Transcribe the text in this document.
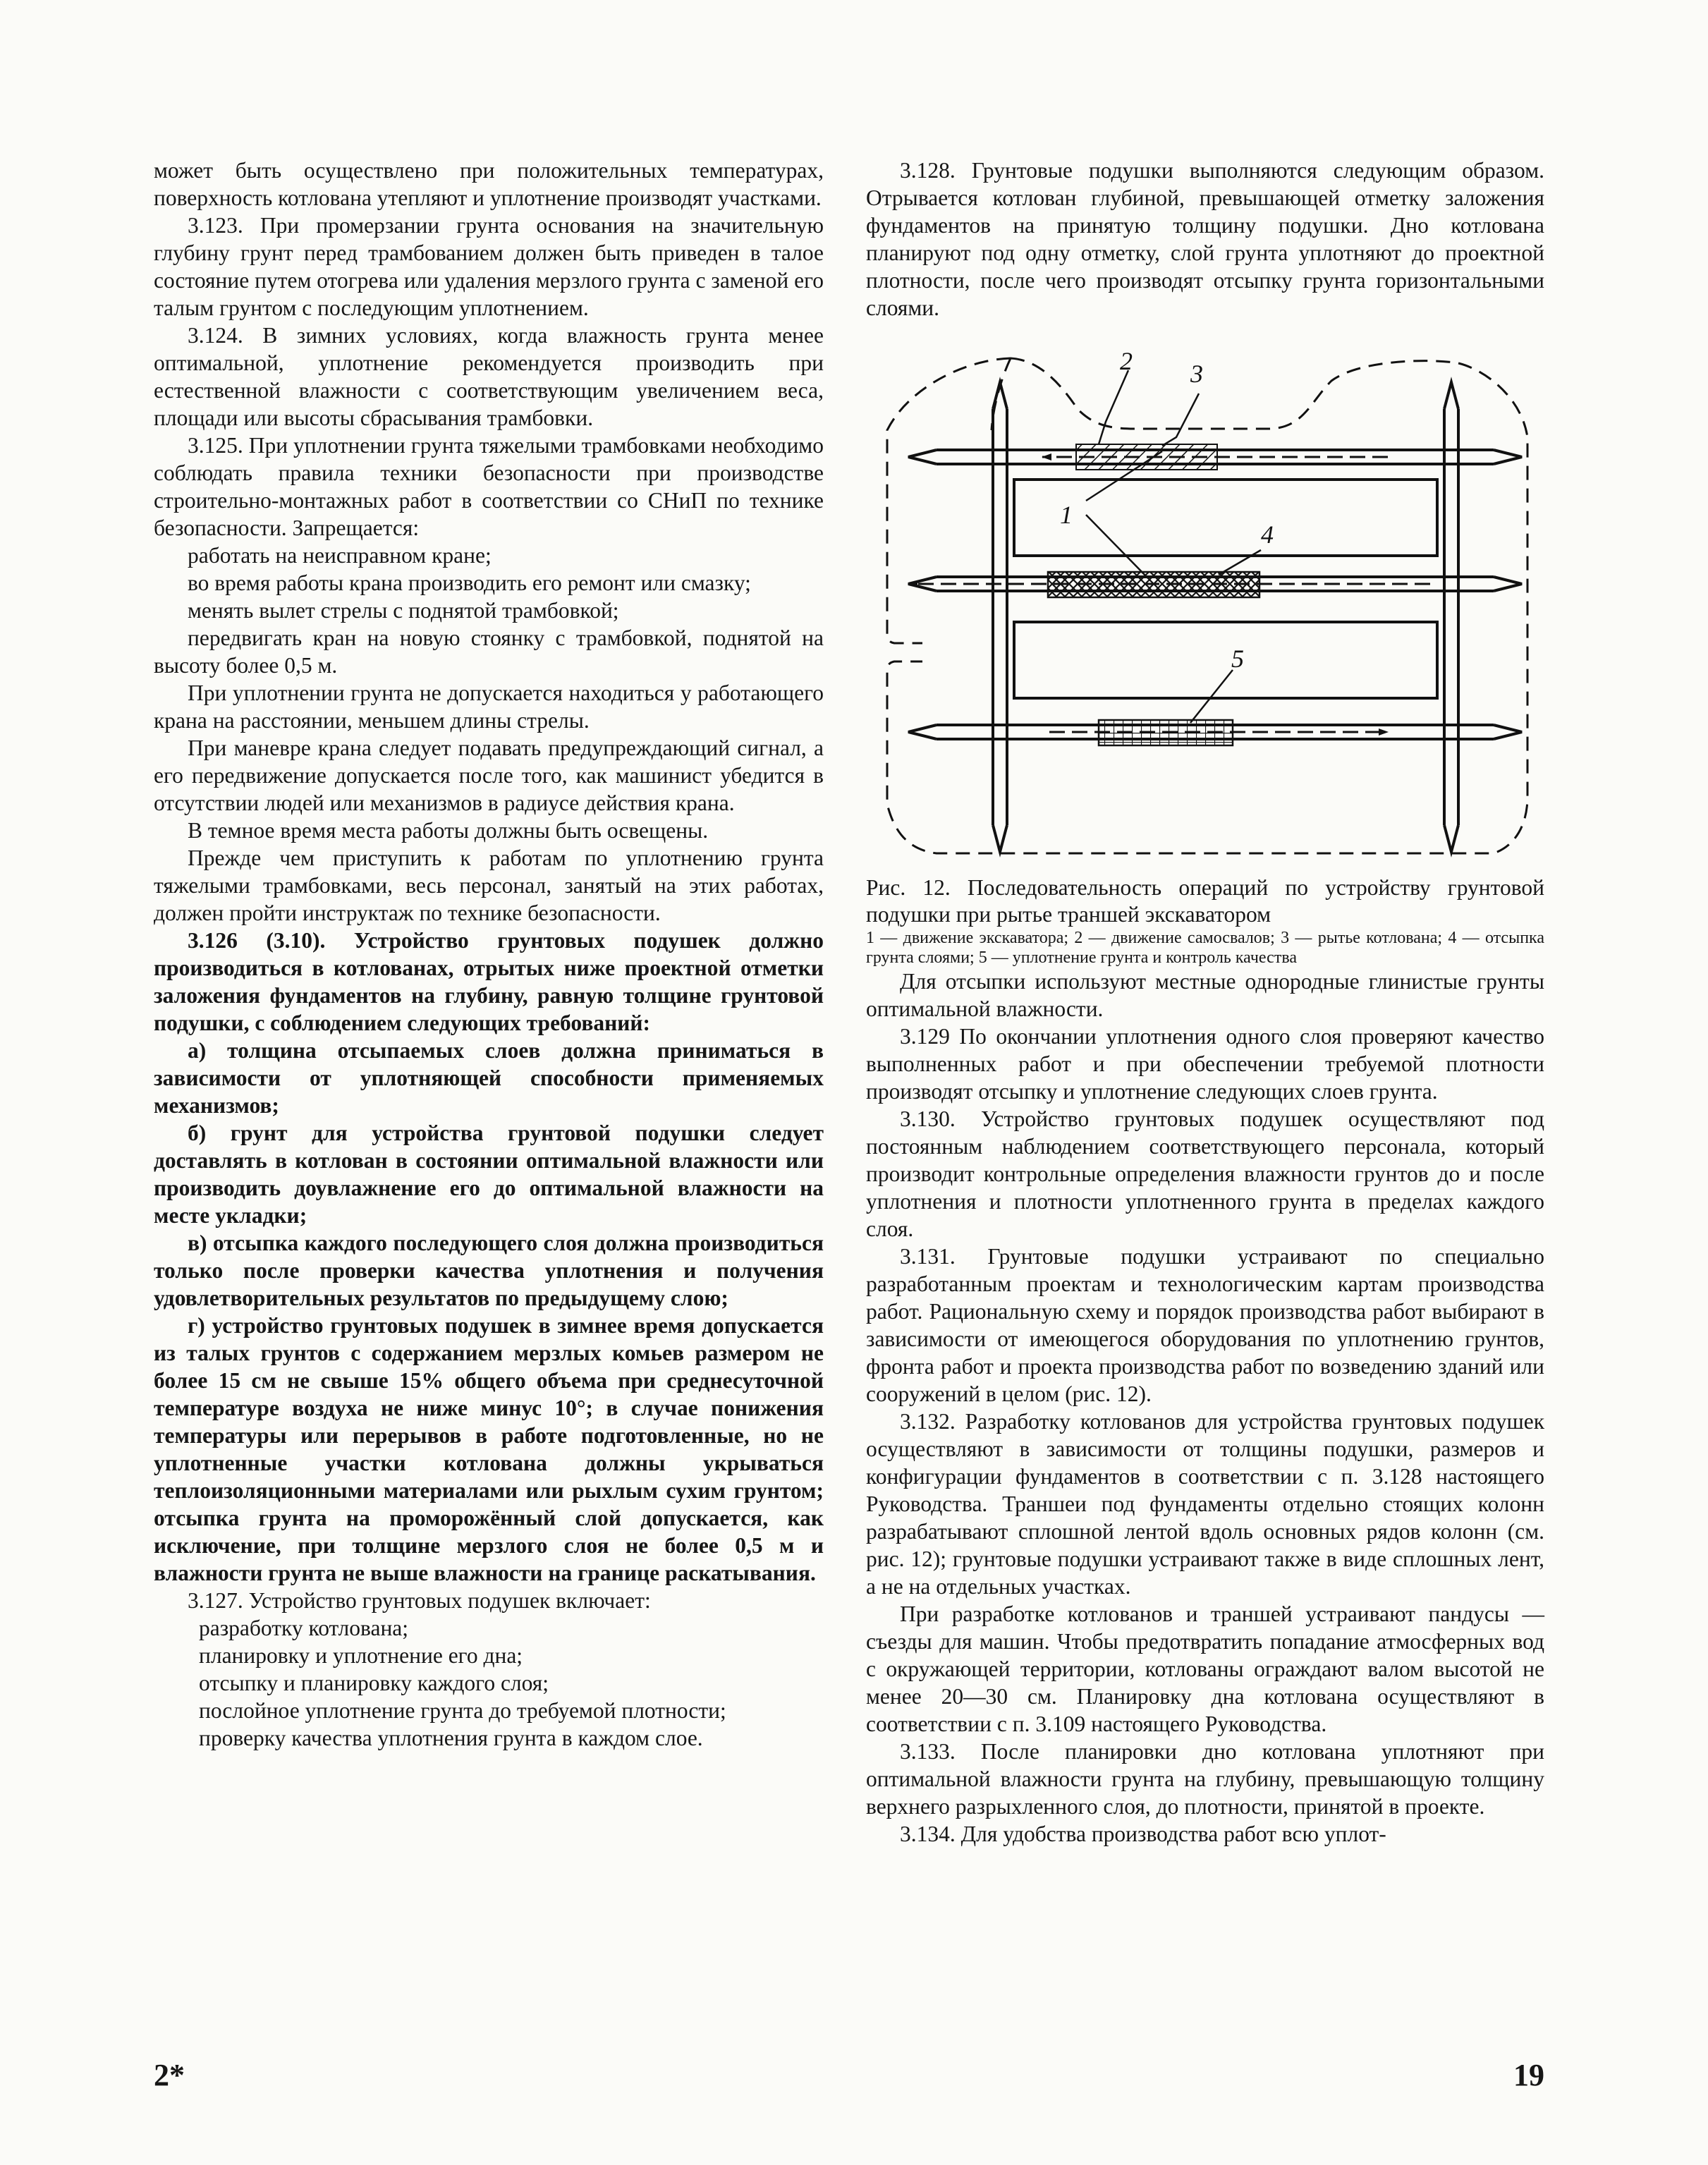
может быть осуществлено при положительных температурах, поверхность котлована утепляют и уплотнение производят участками.

3.123. При промерзании грунта основания на значительную глубину грунт перед трамбованием должен быть приведен в талое состояние путем отогрева или удаления мерзлого грунта с заменой его талым грунтом с последующим уплотнением.

3.124. В зимних условиях, когда влажность грунта менее оптимальной, уплотнение рекомендуется производить при естественной влажности с соответствующим увеличением веса, площади или высоты сбрасывания трамбовки.

3.125. При уплотнении грунта тяжелыми трамбовками необходимо соблюдать правила техники безопасности при производстве строительно-монтажных работ в соответствии со СНиП по технике безопасности. Запрещается:

работать на неисправном кране;

во время работы крана производить его ремонт или смазку;

менять вылет стрелы с поднятой трамбовкой;

передвигать кран на новую стоянку с трамбовкой, поднятой на высоту более 0,5 м.

При уплотнении грунта не допускается находиться у работающего крана на расстоянии, меньшем длины стрелы.

При маневре крана следует подавать предупреждающий сигнал, а его передвижение допускается после того, как машинист убедится в отсутствии людей или механизмов в радиусе действия крана.

В темное время места работы должны быть освещены.

Прежде чем приступить к работам по уплотнению грунта тяжелыми трамбовками, весь персонал, занятый на этих работах, должен пройти инструктаж по технике безопасности.

3.126 (3.10). Устройство грунтовых подушек должно производиться в котлованах, отрытых ниже проектной отметки заложения фундаментов на глубину, равную толщине грунтовой подушки, с соблюдением следующих требований:

а) толщина отсыпаемых слоев должна приниматься в зависимости от уплотняющей способности применяемых механизмов;

б) грунт для устройства грунтовой подушки следует доставлять в котлован в состоянии оптимальной влажности или производить доувлажнение его до оптимальной влажности на месте укладки;

в) отсыпка каждого последующего слоя должна производиться только после проверки качества уплотнения и получения удовлетворительных результатов по предыдущему слою;

г) устройство грунтовых подушек в зимнее время допускается из талых грунтов с содержанием мерзлых комьев размером не более 15 см не свыше 15% общего объема при среднесуточной температуре воздуха не ниже минус 10°; в случае понижения температуры или перерывов в работе подготовленные, но не уплотненные участки котлована должны укрываться теплоизоляционными материалами или рыхлым сухим грунтом; отсыпка грунта на проморожённый слой допускается, как исключение, при толщине мерзлого слоя не более 0,5 м и влажности грунта не выше влажности на границе раскатывания.

3.127. Устройство грунтовых подушек включает:

разработку котлована;

планировку и уплотнение его дна;

отсыпку и планировку каждого слоя;

послойное уплотнение грунта до требуемой плотности;

проверку качества уплотнения грунта в каждом слое.

3.128. Грунтовые подушки выполняются следующим образом. Отрывается котлован глубиной, превышающей отметку заложения фундаментов на принятую толщину подушки. Дно котлована планируют под одну отметку, слой грунта уплотняют до проектной плотности, после чего производят отсыпку грунта горизонтальными слоями.

1
2 3
4
5

Рис. 12. Последовательность операций по устройству грунтовой подушки при рытье траншей экскаватором

1 — движение экскаватора; 2 — движение самосвалов; 3 — рытье котлована; 4 — отсыпка грунта слоями; 5 — уплотнение грунта и контроль качества

Для отсыпки используют местные однородные глинистые грунты оптимальной влажности.

3.129 По окончании уплотнения одного слоя проверяют качество выполненных работ и при обеспечении требуемой плотности производят отсыпку и уплотнение следующих слоев грунта.

3.130. Устройство грунтовых подушек осуществляют под постоянным наблюдением соответствующего персонала, который производит контрольные определения влажности грунтов до и после уплотнения и плотности уплотненного грунта в пределах каждого слоя.

3.131. Грунтовые подушки устраивают по специально разработанным проектам и технологическим картам производства работ. Рациональную схему и порядок производства работ выбирают в зависимости от имеющегося оборудования по уплотнению грунтов, фронта работ и проекта производства работ по возведению зданий или сооружений в целом (рис. 12).

3.132. Разработку котлованов для устройства грунтовых подушек осуществляют в зависимости от толщины подушки, размеров и конфигурации фундаментов в соответствии с п. 3.128 настоящего Руководства. Траншеи под фундаменты отдельно стоящих колонн разрабатывают сплошной лентой вдоль основных рядов колонн (см. рис. 12); грунтовые подушки устраивают также в виде сплошных лент, а не на отдельных участках.

При разработке котлованов и траншей устраивают пандусы — съезды для машин. Чтобы предотвратить попадание атмосферных вод с окружающей территории, котлованы ограждают валом высотой не менее 20—30 см. Планировку дна котлована осуществляют в соответствии с п. 3.109 настоящего Руководства.

3.133. После планировки дно котлована уплотняют при оптимальной влажности грунта на глубину, превышающую толщину верхнего разрыхленного слоя, до плотности, принятой в проекте.

3.134. Для удобства производства работ всю уплот-

2*	19
